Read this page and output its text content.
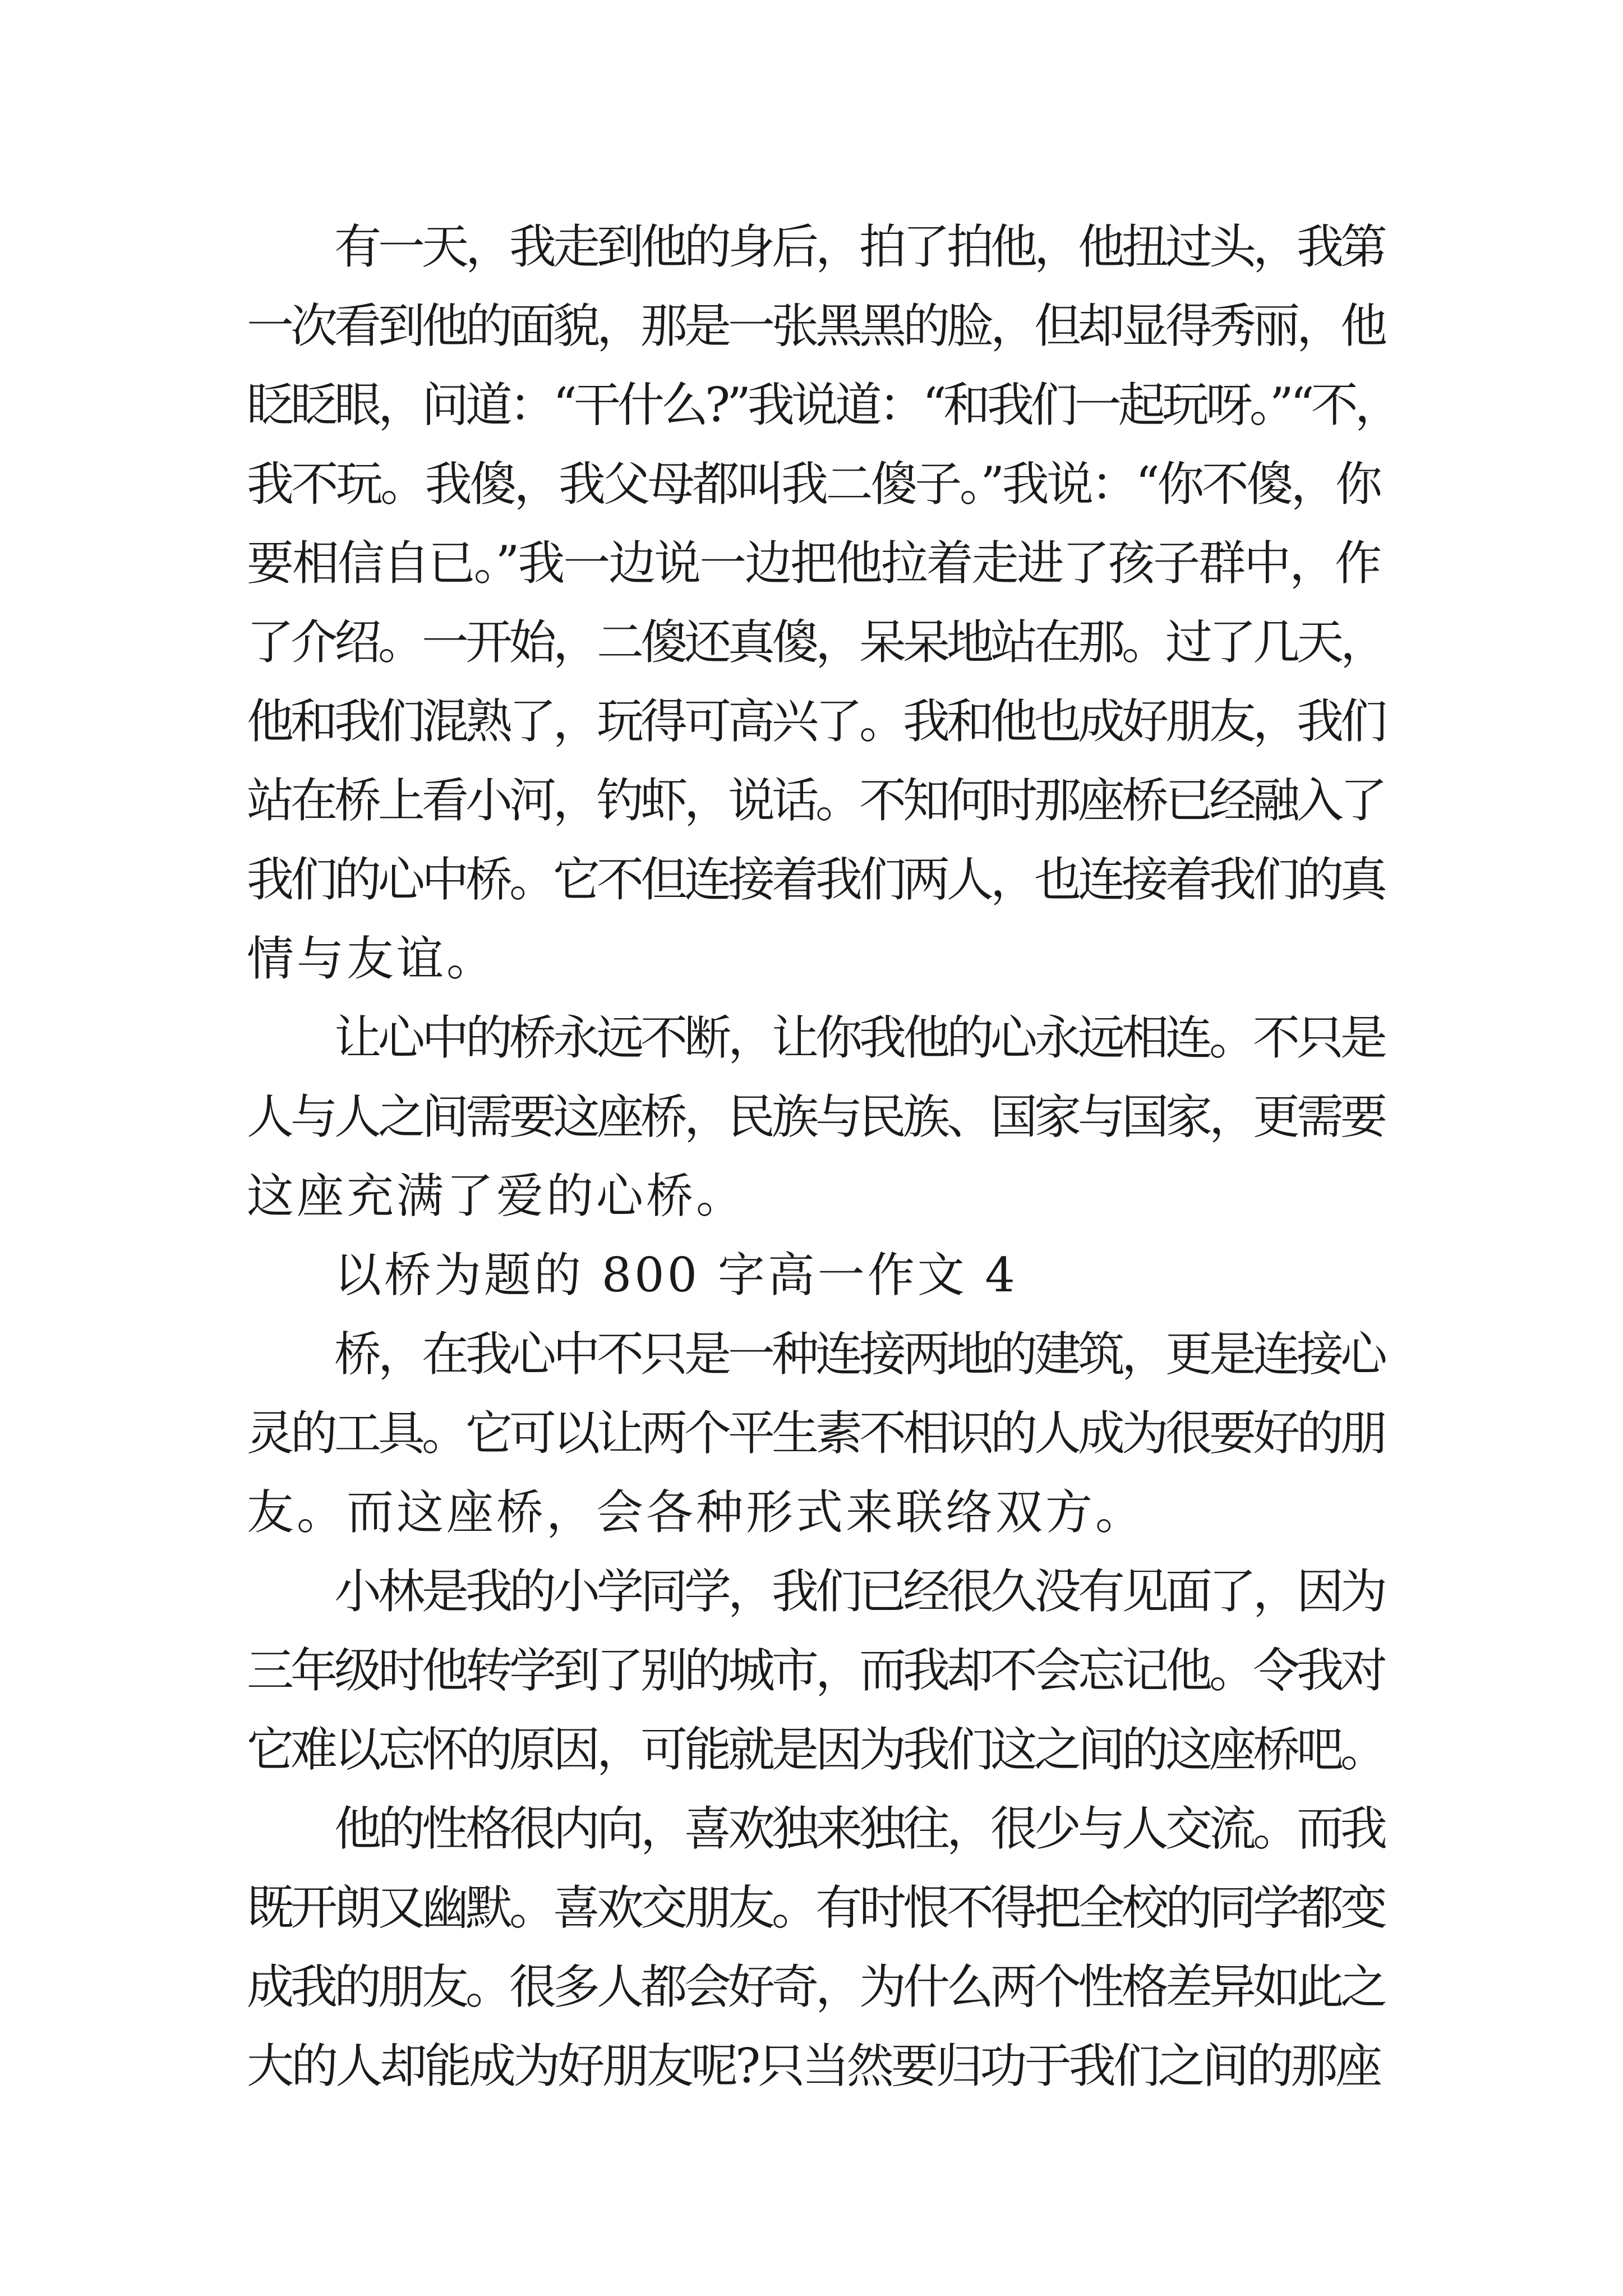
有一天，我走到他的身后，拍了拍他，他扭过头，我第
一次看到他的面貌，那是一张黑黑的脸，但却显得秀丽，他
眨眨眼，问道：“干什么?”我说道：“和我们一起玩呀。”“不，
我不玩。我傻，我父母都叫我二傻子。”我说：“你不傻，你
要相信自已。”我一边说一边把他拉着走进了孩子群中，作
了介绍。一开始，二傻还真傻，呆呆地站在那。过了几天，
他和我们混熟了，玩得可高兴了。我和他也成好朋友，我们
站在桥上看小河，钓虾，说话。不知何时那座桥已经融入了
我们的心中桥。它不但连接着我们两人，也连接着我们的真
情与友谊。
让心中的桥永远不断，让你我他的心永远相连。不只是
人与人之间需要这座桥，民族与民族、国家与国家，更需要
这座充满了爱的心桥。
以桥为题的 800 字高一作文 4
桥，在我心中不只是一种连接两地的建筑，更是连接心
灵的工具。它可以让两个平生素不相识的人成为很要好的朋
友。而这座桥，会各种形式来联络双方。
小林是我的小学同学，我们已经很久没有见面了，因为
三年级时他转学到了别的城市，而我却不会忘记他。令我对
它难以忘怀的原因，可能就是因为我们这之间的这座桥吧。
他的性格很内向，喜欢独来独往，很少与人交流。而我
既开朗又幽默。喜欢交朋友。有时恨不得把全校的同学都变
成我的朋友。很多人都会好奇，为什么两个性格差异如此之
大的人却能成为好朋友呢?只当然要归功于我们之间的那座
